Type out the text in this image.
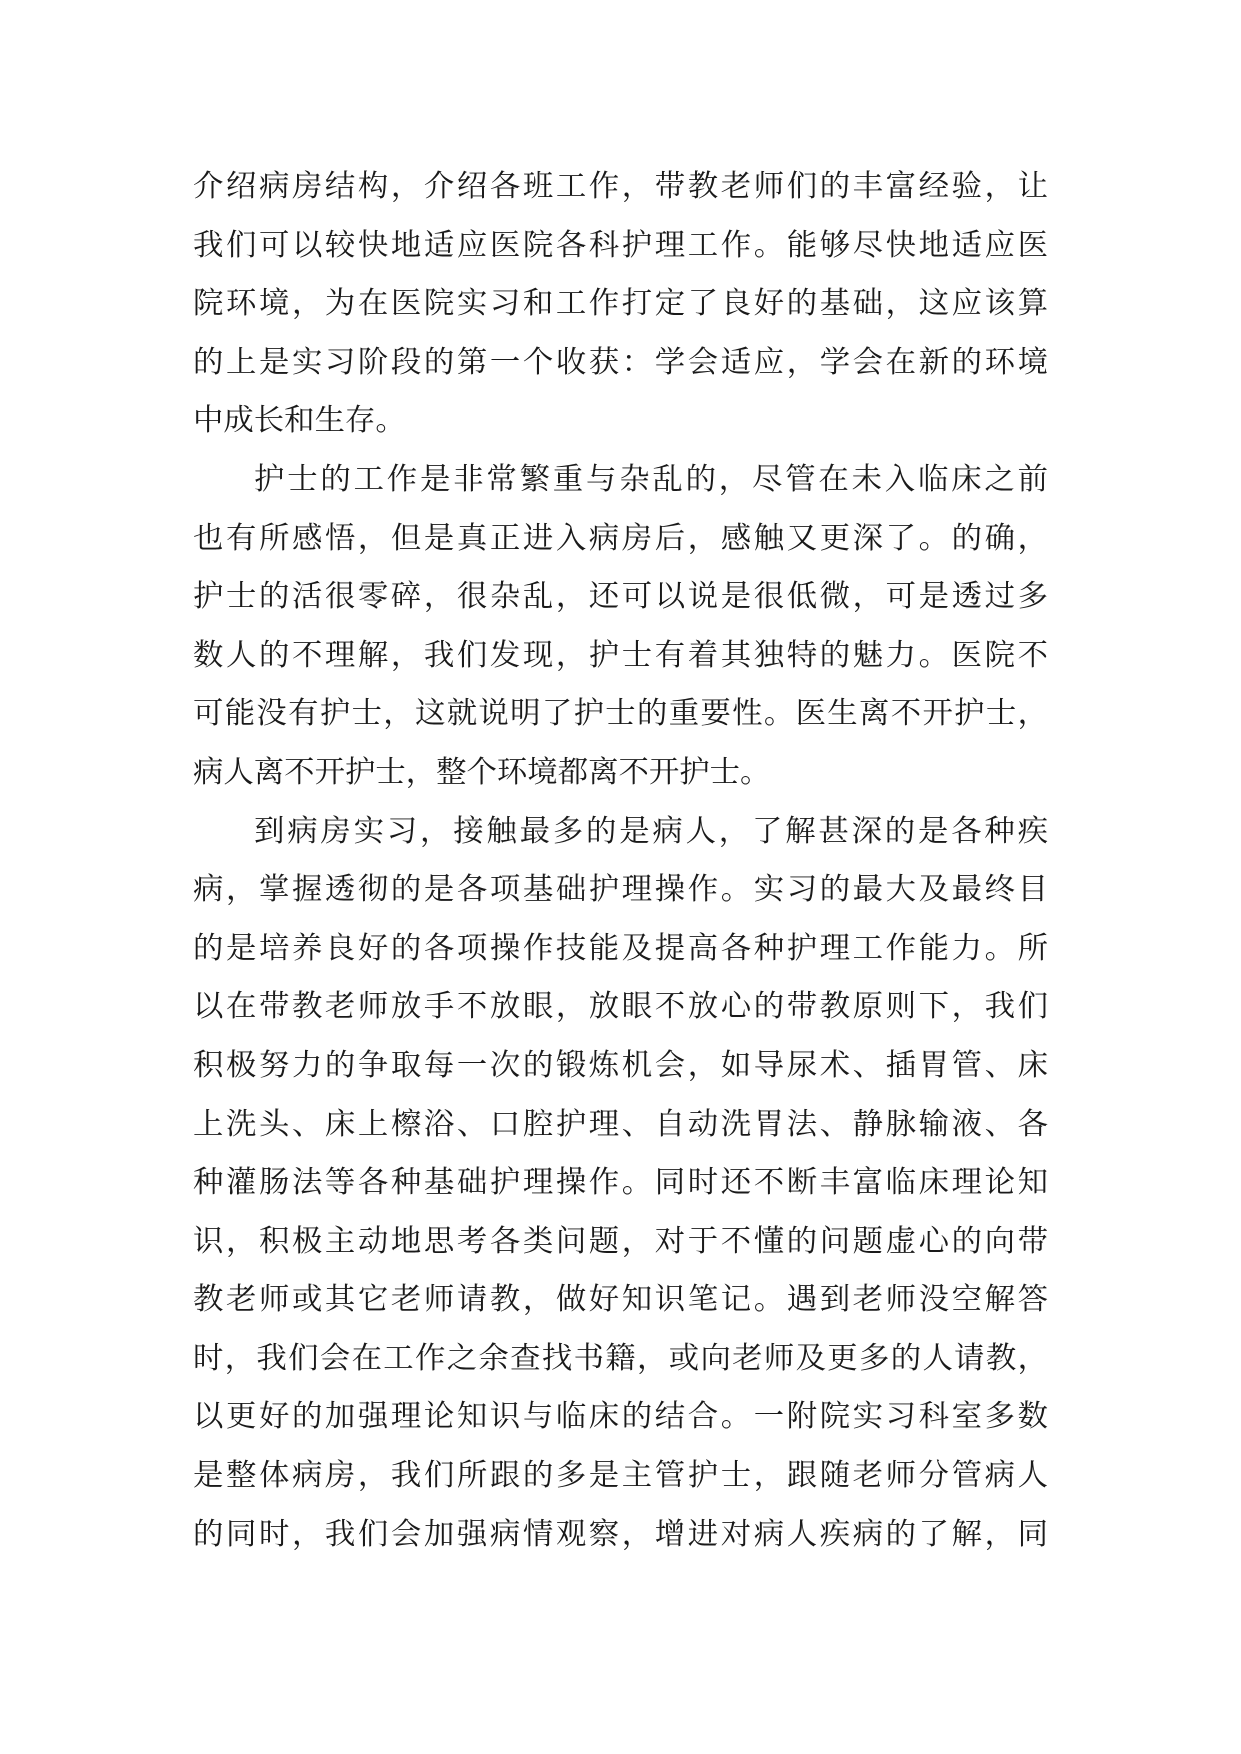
介绍病房结构，介绍各班工作，带教老师们的丰富经验，让
我们可以较快地适应医院各科护理工作。能够尽快地适应医
院环境，为在医院实习和工作打定了良好的基础，这应该算
的上是实习阶段的第一个收获：学会适应，学会在新的环境
中成长和生存。
护士的工作是非常繁重与杂乱的，尽管在未入临床之前
也有所感悟，但是真正进入病房后，感触又更深了。的确，
护士的活很零碎，很杂乱，还可以说是很低微，可是透过多
数人的不理解，我们发现，护士有着其独特的魅力。医院不
可能没有护士，这就说明了护士的重要性。医生离不开护士，
病人离不开护士，整个环境都离不开护士。
到病房实习，接触最多的是病人，了解甚深的是各种疾
病，掌握透彻的是各项基础护理操作。实习的最大及最终目
的是培养良好的各项操作技能及提高各种护理工作能力。所
以在带教老师放手不放眼，放眼不放心的带教原则下，我们
积极努力的争取每一次的锻炼机会，如导尿术、插胃管、床
上洗头、床上檫浴、口腔护理、自动洗胃法、静脉输液、各
种灌肠法等各种基础护理操作。同时还不断丰富临床理论知
识，积极主动地思考各类问题，对于不懂的问题虚心的向带
教老师或其它老师请教，做好知识笔记。遇到老师没空解答
时，我们会在工作之余查找书籍，或向老师及更多的人请教，
以更好的加强理论知识与临床的结合。一附院实习科室多数
是整体病房，我们所跟的多是主管护士，跟随老师分管病人
的同时，我们会加强病情观察，增进对病人疾病的了解，同
